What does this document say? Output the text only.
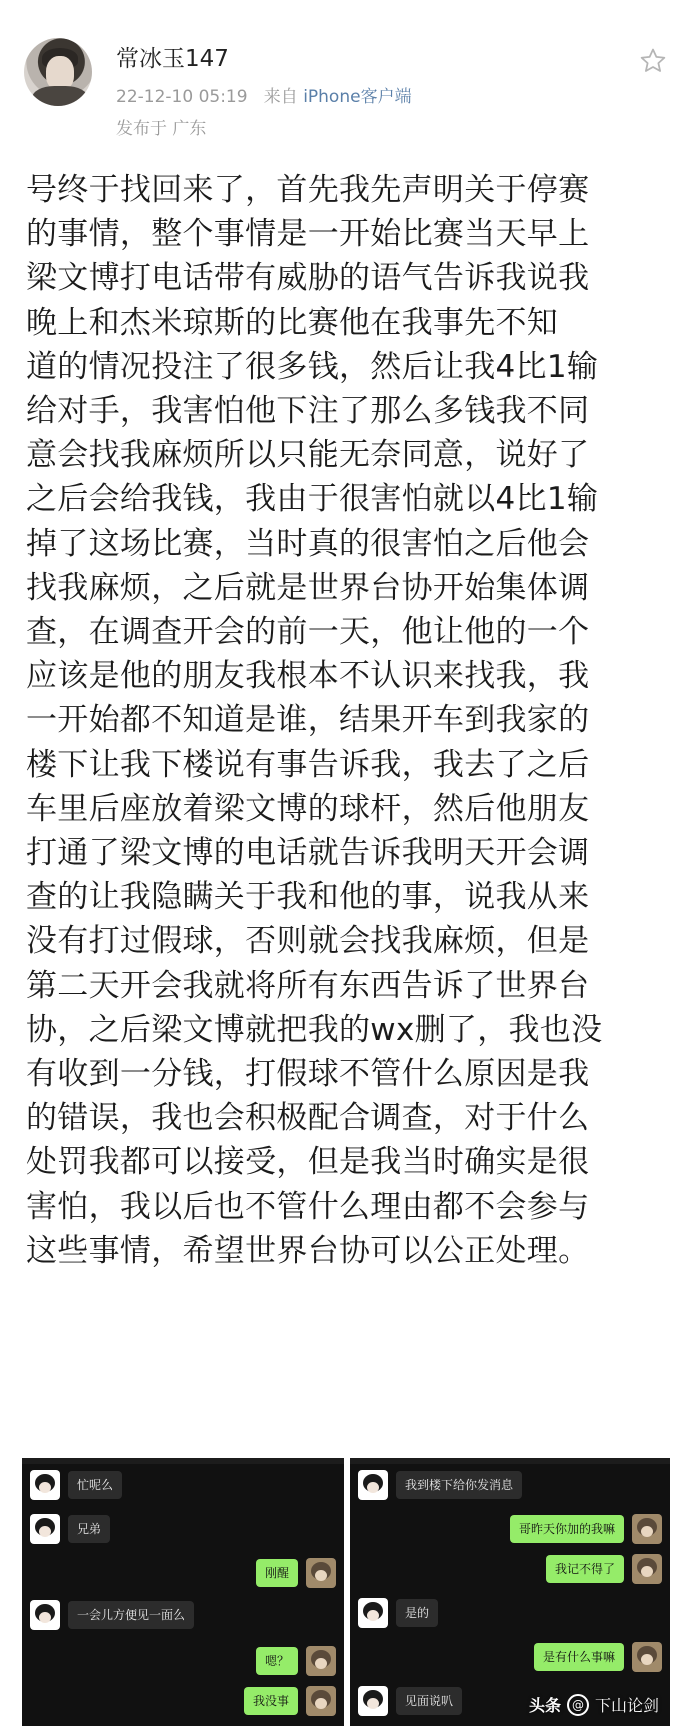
常冰玉147
22-12-10 05:19 来自 iPhone客户端
发布于 广东
号终于找回来了，首先我先声明关于停赛
的事情，整个事情是一开始比赛当天早上
梁文博打电话带有威胁的语气告诉我说我
晚上和杰米琼斯的比赛他在我事先不知
道的情况投注了很多钱，然后让我4比1输
给对手，我害怕他下注了那么多钱我不同
意会找我麻烦所以只能无奈同意，说好了
之后会给我钱，我由于很害怕就以4比1输
掉了这场比赛，当时真的很害怕之后他会
找我麻烦，之后就是世界台协开始集体调
查，在调查开会的前一天，他让他的一个
应该是他的朋友我根本不认识来找我，我
一开始都不知道是谁，结果开车到我家的
楼下让我下楼说有事告诉我，我去了之后
车里后座放着梁文博的球杆，然后他朋友
打通了梁文博的电话就告诉我明天开会调
查的让我隐瞒关于我和他的事，说我从来
没有打过假球，否则就会找我麻烦，但是
第二天开会我就将所有东西告诉了世界台
协，之后梁文博就把我的wx删了，我也没
有收到一分钱，打假球不管什么原因是我
的错误，我也会积极配合调查，对于什么
处罚我都可以接受，但是我当时确实是很
害怕，我以后也不管什么理由都不会参与
这些事情，希望世界台协可以公正处理。
忙呢么
兄弟
刚醒
一会儿方便见一面么
嗯？
我没事
我到楼下给你发消息
哥昨天你加的我嘛
我记不得了
是的
是有什么事嘛
见面说叭	头条 @ 下山论剑
